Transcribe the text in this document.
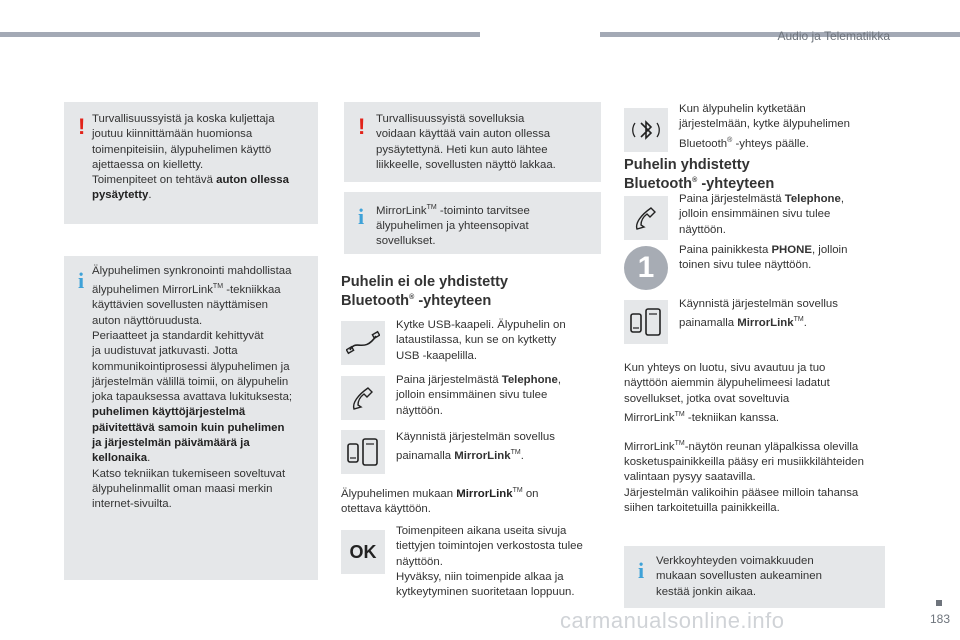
Audio ja Telematiikka
! Turvallisuussyistä ja koska kuljettaja
joutuu kiinnittämään huomionsa
toimenpiteisiin, älypuhelimen käyttö
ajettaessa on kielletty.
Toimenpiteet on tehtävä auton ollessa
pysäytetty.
i Älypuhelimen synkronointi mahdollistaa
älypuhelimen MirrorLink™ -tekniikkaa
käyttävien sovellusten näyttämisen
auton näyttöruudusta.
Periaatteet ja standardit kehittyvät
ja uudistuvat jatkuvasti. Jotta
kommunikointiprosessi älypuhelimen ja
järjestelmän välillä toimii, on älypuhelin
joka tapauksessa avattava lukituksesta;
puhelimen käyttöjärjestelmä
päivitettävä samoin kuin puhelimen
ja järjestelmän päivämäärä ja
kellonaika.
Katso tekniikan tukemiseen soveltuvat
älypuhelinmallit oman maasi merkin
internet-sivuilta.
! Turvallisuussyistä sovelluksia
voidaan käyttää vain auton ollessa
pysäytettynä. Heti kun auto lähtee
liikkeelle, sovellusten näyttö lakkaa.
i MirrorLink™ -toiminto tarvitsee
älypuhelimen ja yhteensopivat
sovellukset.
Puhelin ei ole yhdistetty
Bluetooth® -yhteyteen
Kytke USB-kaapeli. Älypuhelin on
lataustilassa, kun se on kytketty
USB -kaapelilla.
Paina järjestelmästä Telephone,
jolloin ensimmäinen sivu tulee
näyttöön.
Käynnistä järjestelmän sovellus
painamalla MirrorLink™.
Älypuhelimen mukaan MirrorLink™ on
otettava käyttöön.
OK
Toimenpiteen aikana useita sivuja
tiettyjen toimintojen verkostosta tulee
näyttöön.
Hyväksy, niin toimenpide alkaa ja
kytkeytyminen suoritetaan loppuun.
Kun älypuhelin kytketään
järjestelmään, kytke älypuhelimen
Bluetooth® -yhteys päälle.
Puhelin yhdistetty
Bluetooth® -yhteyteen
Paina järjestelmästä Telephone,
jolloin ensimmäinen sivu tulee
näyttöön.
1
Paina painikkesta PHONE, jolloin
toinen sivu tulee näyttöön.
Käynnistä järjestelmän sovellus
painamalla MirrorLink™.
Kun yhteys on luotu, sivu avautuu ja tuo
näyttöön aiemmin älypuhelimeesi ladatut
sovellukset, jotka ovat soveltuvia
MirrorLink™ -tekniikan kanssa.
MirrorLink™-näytön reunan yläpalkissa olevilla
kosketuspainikkeilla pääsy eri musiikkilähteiden
valintaan pysyy saatavilla.
Järjestelmän valikoihin pääsee milloin tahansa
siihen tarkoitetuilla painikkeilla.
i Verkkoyhteyden voimakkuuden
mukaan sovellusten aukeaminen
kestää jonkin aikaa.
carmanualsonline.info	183
